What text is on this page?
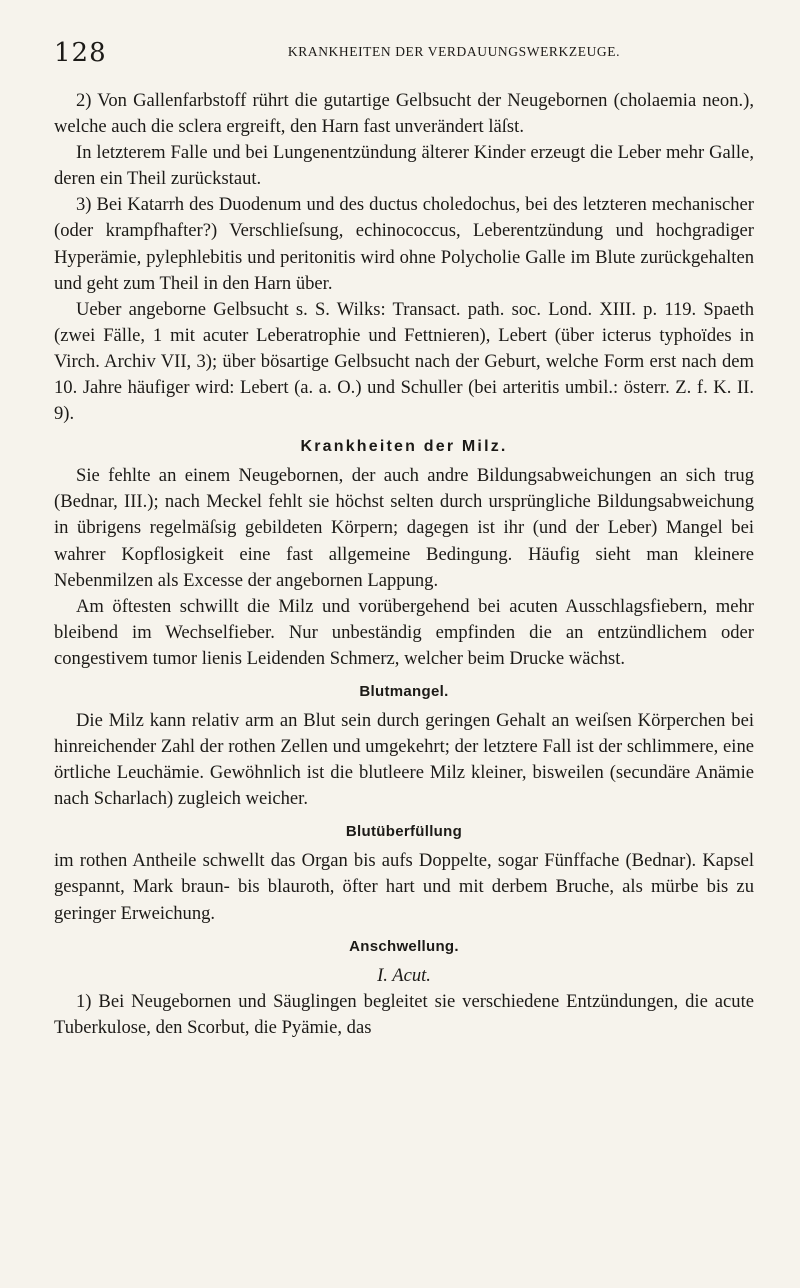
128	KRANKHEITEN DER VERDAUUNGSWERKZEUGE.

2) Von Gallenfarbstoff rührt die gutartige Gelbsucht der Neugebornen (cholaemia neon.), welche auch die sclera ergreift, den Harn fast unverändert läſst.

In letzterem Falle und bei Lungenentzündung älterer Kinder erzeugt die Leber mehr Galle, deren ein Theil zurückstaut.

3) Bei Katarrh des Duodenum und des ductus choledochus, bei des letzteren mechanischer (oder krampfhafter?) Verschlieſsung, echinococcus, Leberentzündung und hochgradiger Hyperämie, pylephlebitis und peritonitis wird ohne Polycholie Galle im Blute zurückgehalten und geht zum Theil in den Harn über.

Ueber angeborne Gelbsucht s. S. Wilks: Transact. path. soc. Lond. XIII. p. 119. Spaeth (zwei Fälle, 1 mit acuter Leberatrophie und Fettnieren), Lebert (über icterus typhoïdes in Virch. Archiv VII, 3); über bösartige Gelbsucht nach der Geburt, welche Form erst nach dem 10. Jahre häufiger wird: Lebert (a. a. O.) und Schuller (bei arteritis umbil.: österr. Z. f. K. II. 9).

Krankheiten der Milz.

Sie fehlte an einem Neugebornen, der auch andre Bildungsabweichungen an sich trug (Bednar, III.); nach Meckel fehlt sie höchst selten durch ursprüngliche Bildungsabweichung in übrigens regelmäſsig gebildeten Körpern; dagegen ist ihr (und der Leber) Mangel bei wahrer Kopflosigkeit eine fast allgemeine Bedingung. Häufig sieht man kleinere Nebenmilzen als Excesse der angebornen Lappung.

Am öftesten schwillt die Milz und vorübergehend bei acuten Ausschlagsfiebern, mehr bleibend im Wechselfieber. Nur unbeständig empfinden die an entzündlichem oder congestivem tumor lienis Leidenden Schmerz, welcher beim Drucke wächst.

Blutmangel.

Die Milz kann relativ arm an Blut sein durch geringen Gehalt an weiſsen Körperchen bei hinreichender Zahl der rothen Zellen und umgekehrt; der letztere Fall ist der schlimmere, eine örtliche Leuchämie. Gewöhnlich ist die blutleere Milz kleiner, bisweilen (secundäre Anämie nach Scharlach) zugleich weicher.

Blutüberfüllung

im rothen Antheile schwellt das Organ bis aufs Doppelte, sogar Fünffache (Bednar). Kapsel gespannt, Mark braun- bis blauroth, öfter hart und mit derbem Bruche, als mürbe bis zu geringer Erweichung.

Anschwellung.
I. Acut.

1) Bei Neugebornen und Säuglingen begleitet sie verschiedene Entzündungen, die acute Tuberkulose, den Scorbut, die Pyämie, das
